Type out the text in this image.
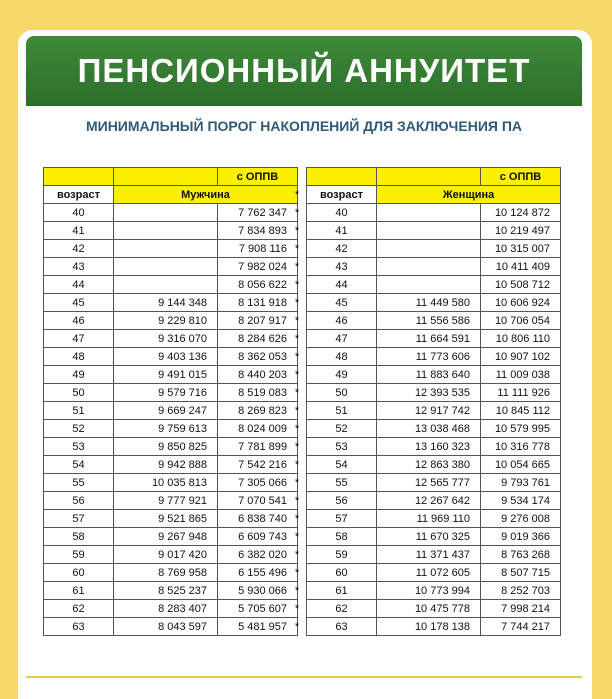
ПЕНСИОННЫЙ АННУИТЕТ
МИНИМАЛЬНЫЙ ПОРОГ НАКОПЛЕНИЙ ДЛЯ ЗАКЛЮЧЕНИЯ ПА
		с ОППВ
возраст	Мужчина	
40		7 762 347
41		7 834 893
42		7 908 116
43		7 982 024
44		8 056 622
45	9 144 348	8 131 918
46	9 229 810	8 207 917
47	9 316 070	8 284 626
48	9 403 136	8 362 053
49	9 491 015	8 440 203
50	9 579 716	8 519 083
51	9 669 247	8 269 823
52	9 759 613	8 024 009
53	9 850 825	7 781 899
54	9 942 888	7 542 216
55	10 035 813	7 305 066
56	9 777 921	7 070 541
57	9 521 865	6 838 740
58	9 267 948	6 609 743
59	9 017 420	6 382 020
60	8 769 958	6 155 496
61	8 525 237	5 930 066
62	8 283 407	5 705 607
63	8 043 597	5 481 957
*
*
*
*
*
*
*
*
*
*
*
*
*
*
*
*
*
*
*
*
*
*
*
*
*
		с ОППВ
возраст	Женщина	
40		10 124 872
41		10 219 497
42		10 315 007
43		10 411 409
44		10 508 712
45	11 449 580	10 606 924
46	11 556 586	10 706 054
47	11 664 591	10 806 110
48	11 773 606	10 907 102
49	11 883 640	11 009 038
50	12 393 535	11 111 926
51	12 917 742	10 845 112
52	13 038 468	10 579 995
53	13 160 323	10 316 778
54	12 863 380	10 054 665
55	12 565 777	9 793 761
56	12 267 642	9 534 174
57	11 969 110	9 276 008
58	11 670 325	9 019 366
59	11 371 437	8 763 268
60	11 072 605	8 507 715
61	10 773 994	8 252 703
62	10 475 778	7 998 214
63	10 178 138	7 744 217
